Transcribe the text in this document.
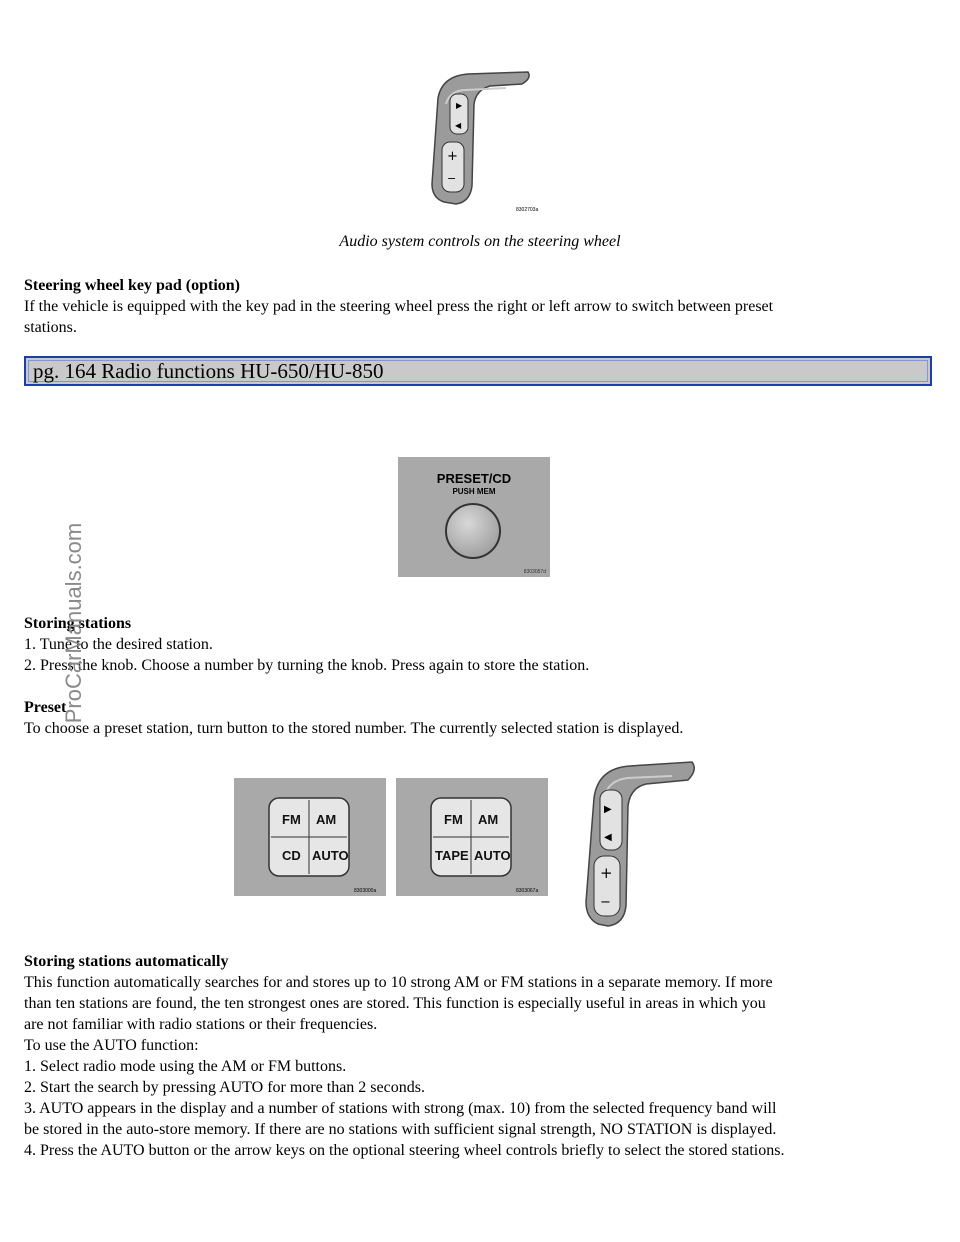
▶
◀
+
−
8302703a
Audio system controls on the steering wheel
Steering wheel key pad (option)
If the vehicle is equipped with the key pad in the steering wheel press the right or left arrow to switch between preset
stations.
pg. 164 Radio functions HU-650/HU-850
PRESET/CD
PUSH MEM
8303057d
Storing stations
1. Tune to the desired station.
2. Press the knob. Choose a number by turning the knob. Press again to store the station.
Preset
To choose a preset station, turn button to the stored number. The currently selected station is displayed.
FM AM
CD AUTO
8303000a
FM AM
TAPE AUTO
8303067a
▶
◀
+
−
Storing stations automatically
This function automatically searches for and stores up to 10 strong AM or FM stations in a separate memory. If more
than ten stations are found, the ten strongest ones are stored. This function is especially useful in areas in which you
are not familiar with radio stations or their frequencies.
To use the AUTO function:
1. Select radio mode using the AM or FM buttons.
2. Start the search by pressing AUTO for more than 2 seconds.
3. AUTO appears in the display and a number of stations with strong (max. 10) from the selected frequency band will
be stored in the auto-store memory. If there are no stations with sufficient signal strength, NO STATION is displayed.
4. Press the AUTO button or the arrow keys on the optional steering wheel controls briefly to select the stored stations.
ProCarManuals.com
